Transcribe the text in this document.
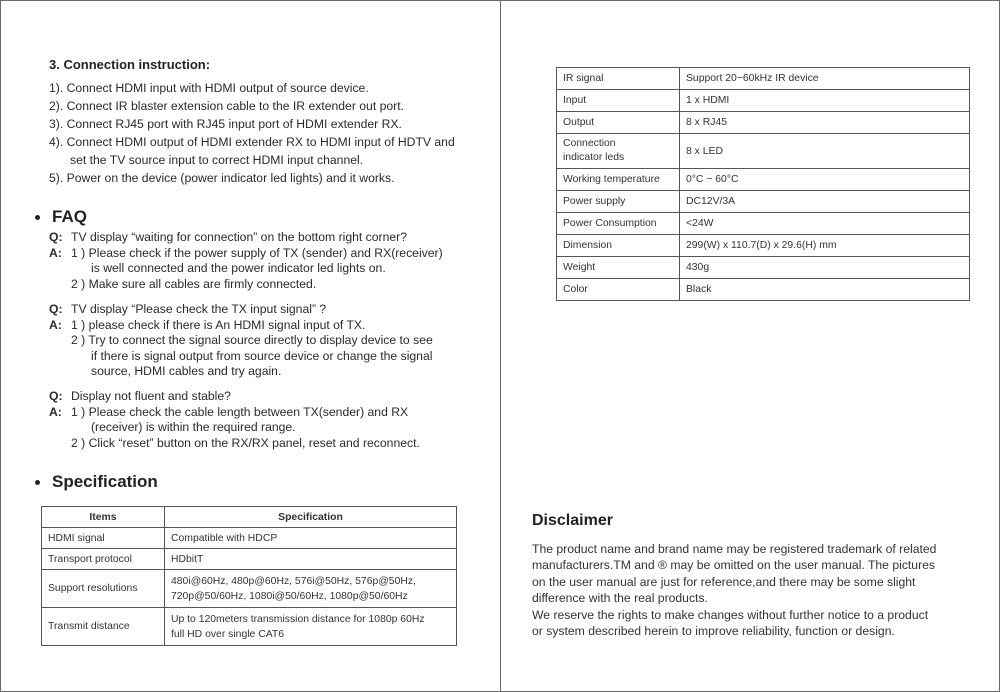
3. Connection instruction:
1). Connect HDMI input with HDMI output of source device.
2). Connect IR blaster extension cable to the IR extender out port.
3). Connect RJ45 port with RJ45 input port of HDMI extender RX.
4). Connect HDMI output of HDMI extender RX to HDMI input of HDTV and
set the TV source input to correct HDMI input channel.
5). Power on the device (power indicator led lights) and it works.
FAQ
Q: TV display “waiting for connection” on the bottom right corner?
A: 1 ) Please check if the power supply of TX (sender) and RX(receiver)
is well connected and the power indicator led lights on.
2 ) Make sure all cables are firmly connected.
Q: TV display “Please check the TX input signal” ?
A: 1 ) please check if there is An HDMI signal input of TX.
2 ) Try to connect the signal source directly to display device to see
if there is signal output from source device or change the signal
source, HDMI cables and try again.
Q: Display not fluent and stable?
A: 1 ) Please check the cable length between TX(sender) and RX
(receiver) is within the required range.
2 ) Click “reset” button on the RX/RX panel, reset and reconnect.
Specification
Items	Specification
HDMI signal	Compatible with HDCP
Transport protocol	HDbitT
Support resolutions	480i@60Hz, 480p@60Hz, 576i@50Hz, 576p@50Hz,
720p@50/60Hz, 1080i@50/60Hz, 1080p@50/60Hz

Transmit distance	Up to 120meters transmission distance for 1080p 60Hz
full HD over single CAT6
IR signal	Support 20~60kHz IR device
Input	1 x HDMI
Output	8 x RJ45

Connection
indicator leds	8 x LED
Working temperature	0°C ~ 60°C
Power supply	DC12V/3A
Power Consumption	<24W
Dimension	299(W) x 110.7(D) x 29.6(H) mm
Weight	430g
Color	Black
Disclaimer
The product name and brand name may be registered trademark of related
manufacturers.TM and ® may be omitted on the user manual. The pictures
on the user manual are just for reference,and there may be some slight
difference with the real products.
We reserve the rights to make changes without further notice to a product
or system described herein to improve reliability, function or design.
